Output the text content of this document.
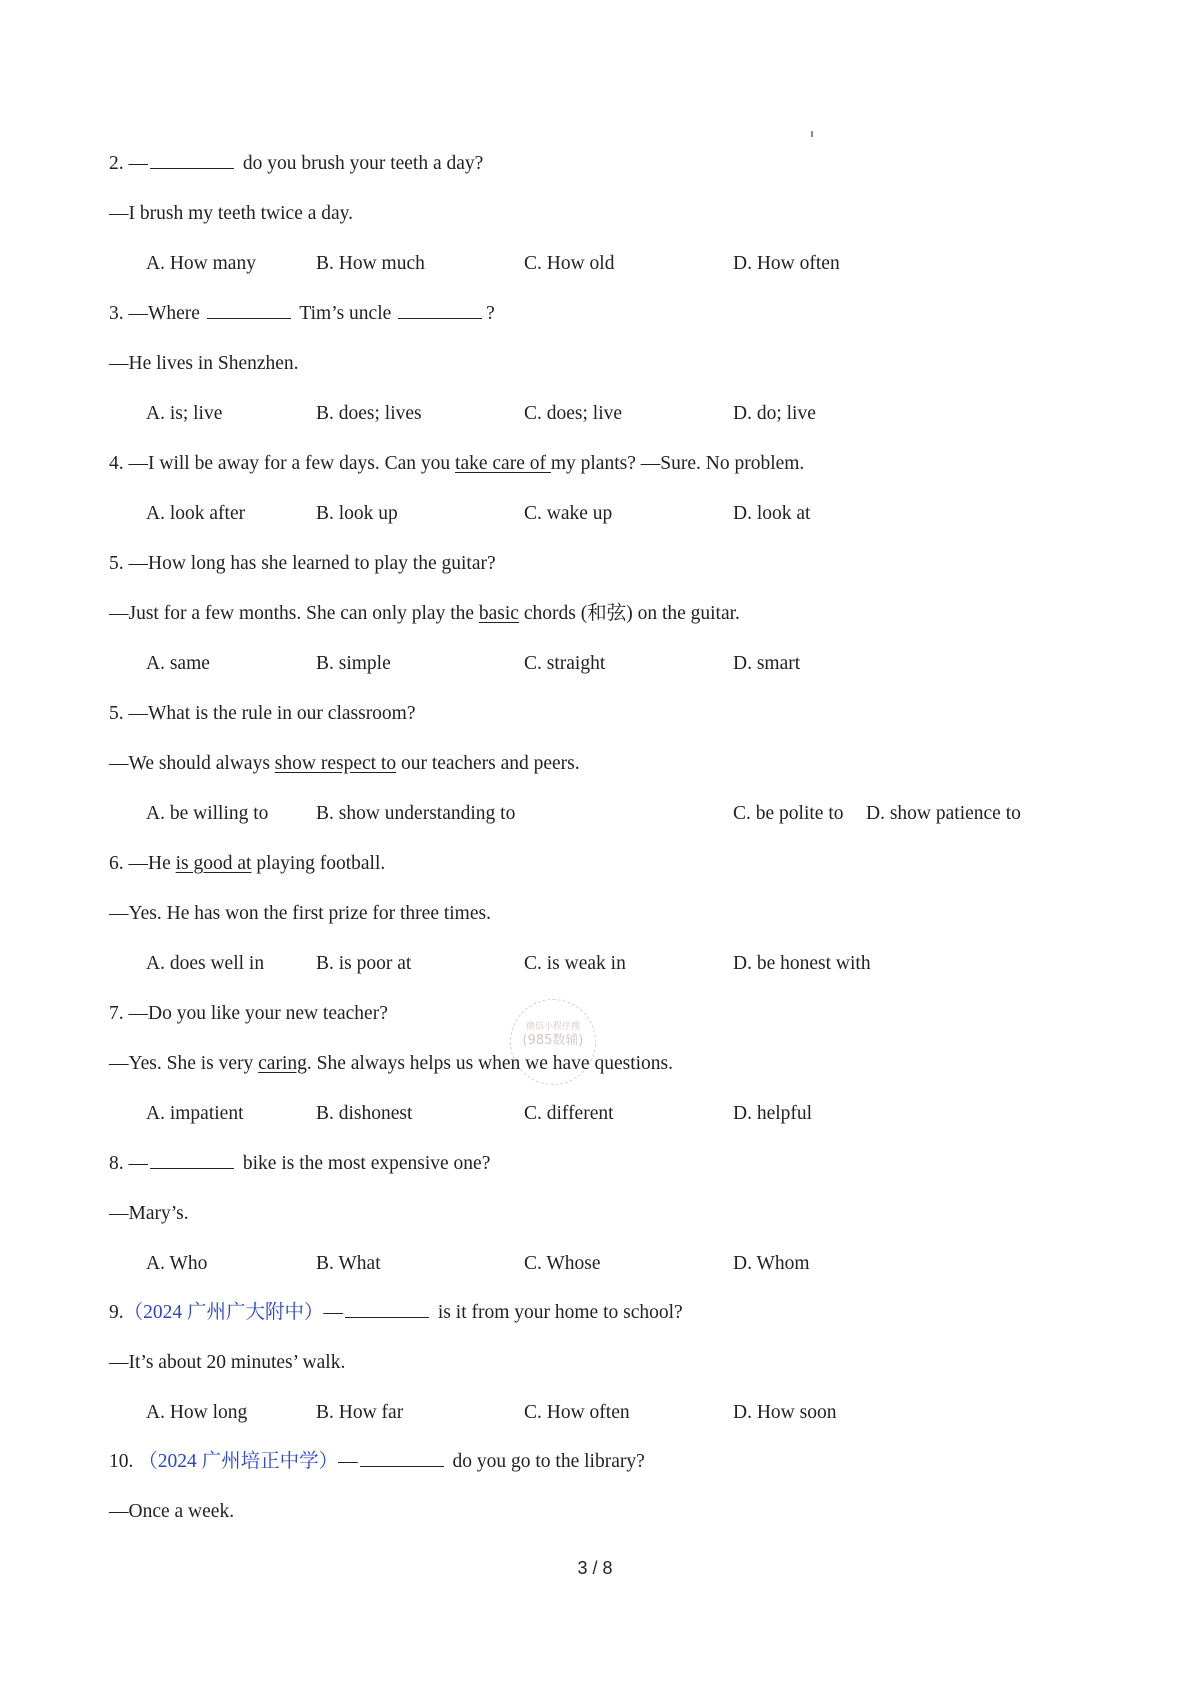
2. —	do you brush your teeth a day?
—I brush my teeth twice a day.
A. How many	B. How much	C. How old	D. How often
3. —Where	Tim’s uncle	?
—He lives in Shenzhen.
A. is; live	B. does; lives	C. does; live	D. do; live
4. —I will be away for a few days. Can you take care of my plants? —Sure. No problem.
A. look after	B. look up	C. wake up	D. look at
5. —How long has she learned to play the guitar?
—Just for a few months. She can only play the basic chords (和弦) on the guitar.
A. same	B. simple	C. straight	D. smart
5. —What is the rule in our classroom?
—We should always show respect to our teachers and peers.
A. be willing to B. show understanding to	C. be polite to D. show patience to
6. —He is good at playing football.
—Yes. He has won the first prize for three times.
A. does well in	B. is poor at	C. is weak in	D. be honest with
微信小程序搜
(985数辅)
7. —Do you like your new teacher?
—Yes. She is very caring. She always helps us when we have questions.
A. impatient	B. dishonest	C. different	D. helpful
8. —	bike is the most expensive one?
—Mary’s.
A. Who	B. What	C. Whose	D. Whom
9.（2024 广州广大附中）—	is it from your home to school?
—It’s about 20 minutes’ walk.
A. How long	B. How far	C. How often	D. How soon
10. （2024 广州培正中学）—	do you go to the library?
—Once a week.
3 / 8
